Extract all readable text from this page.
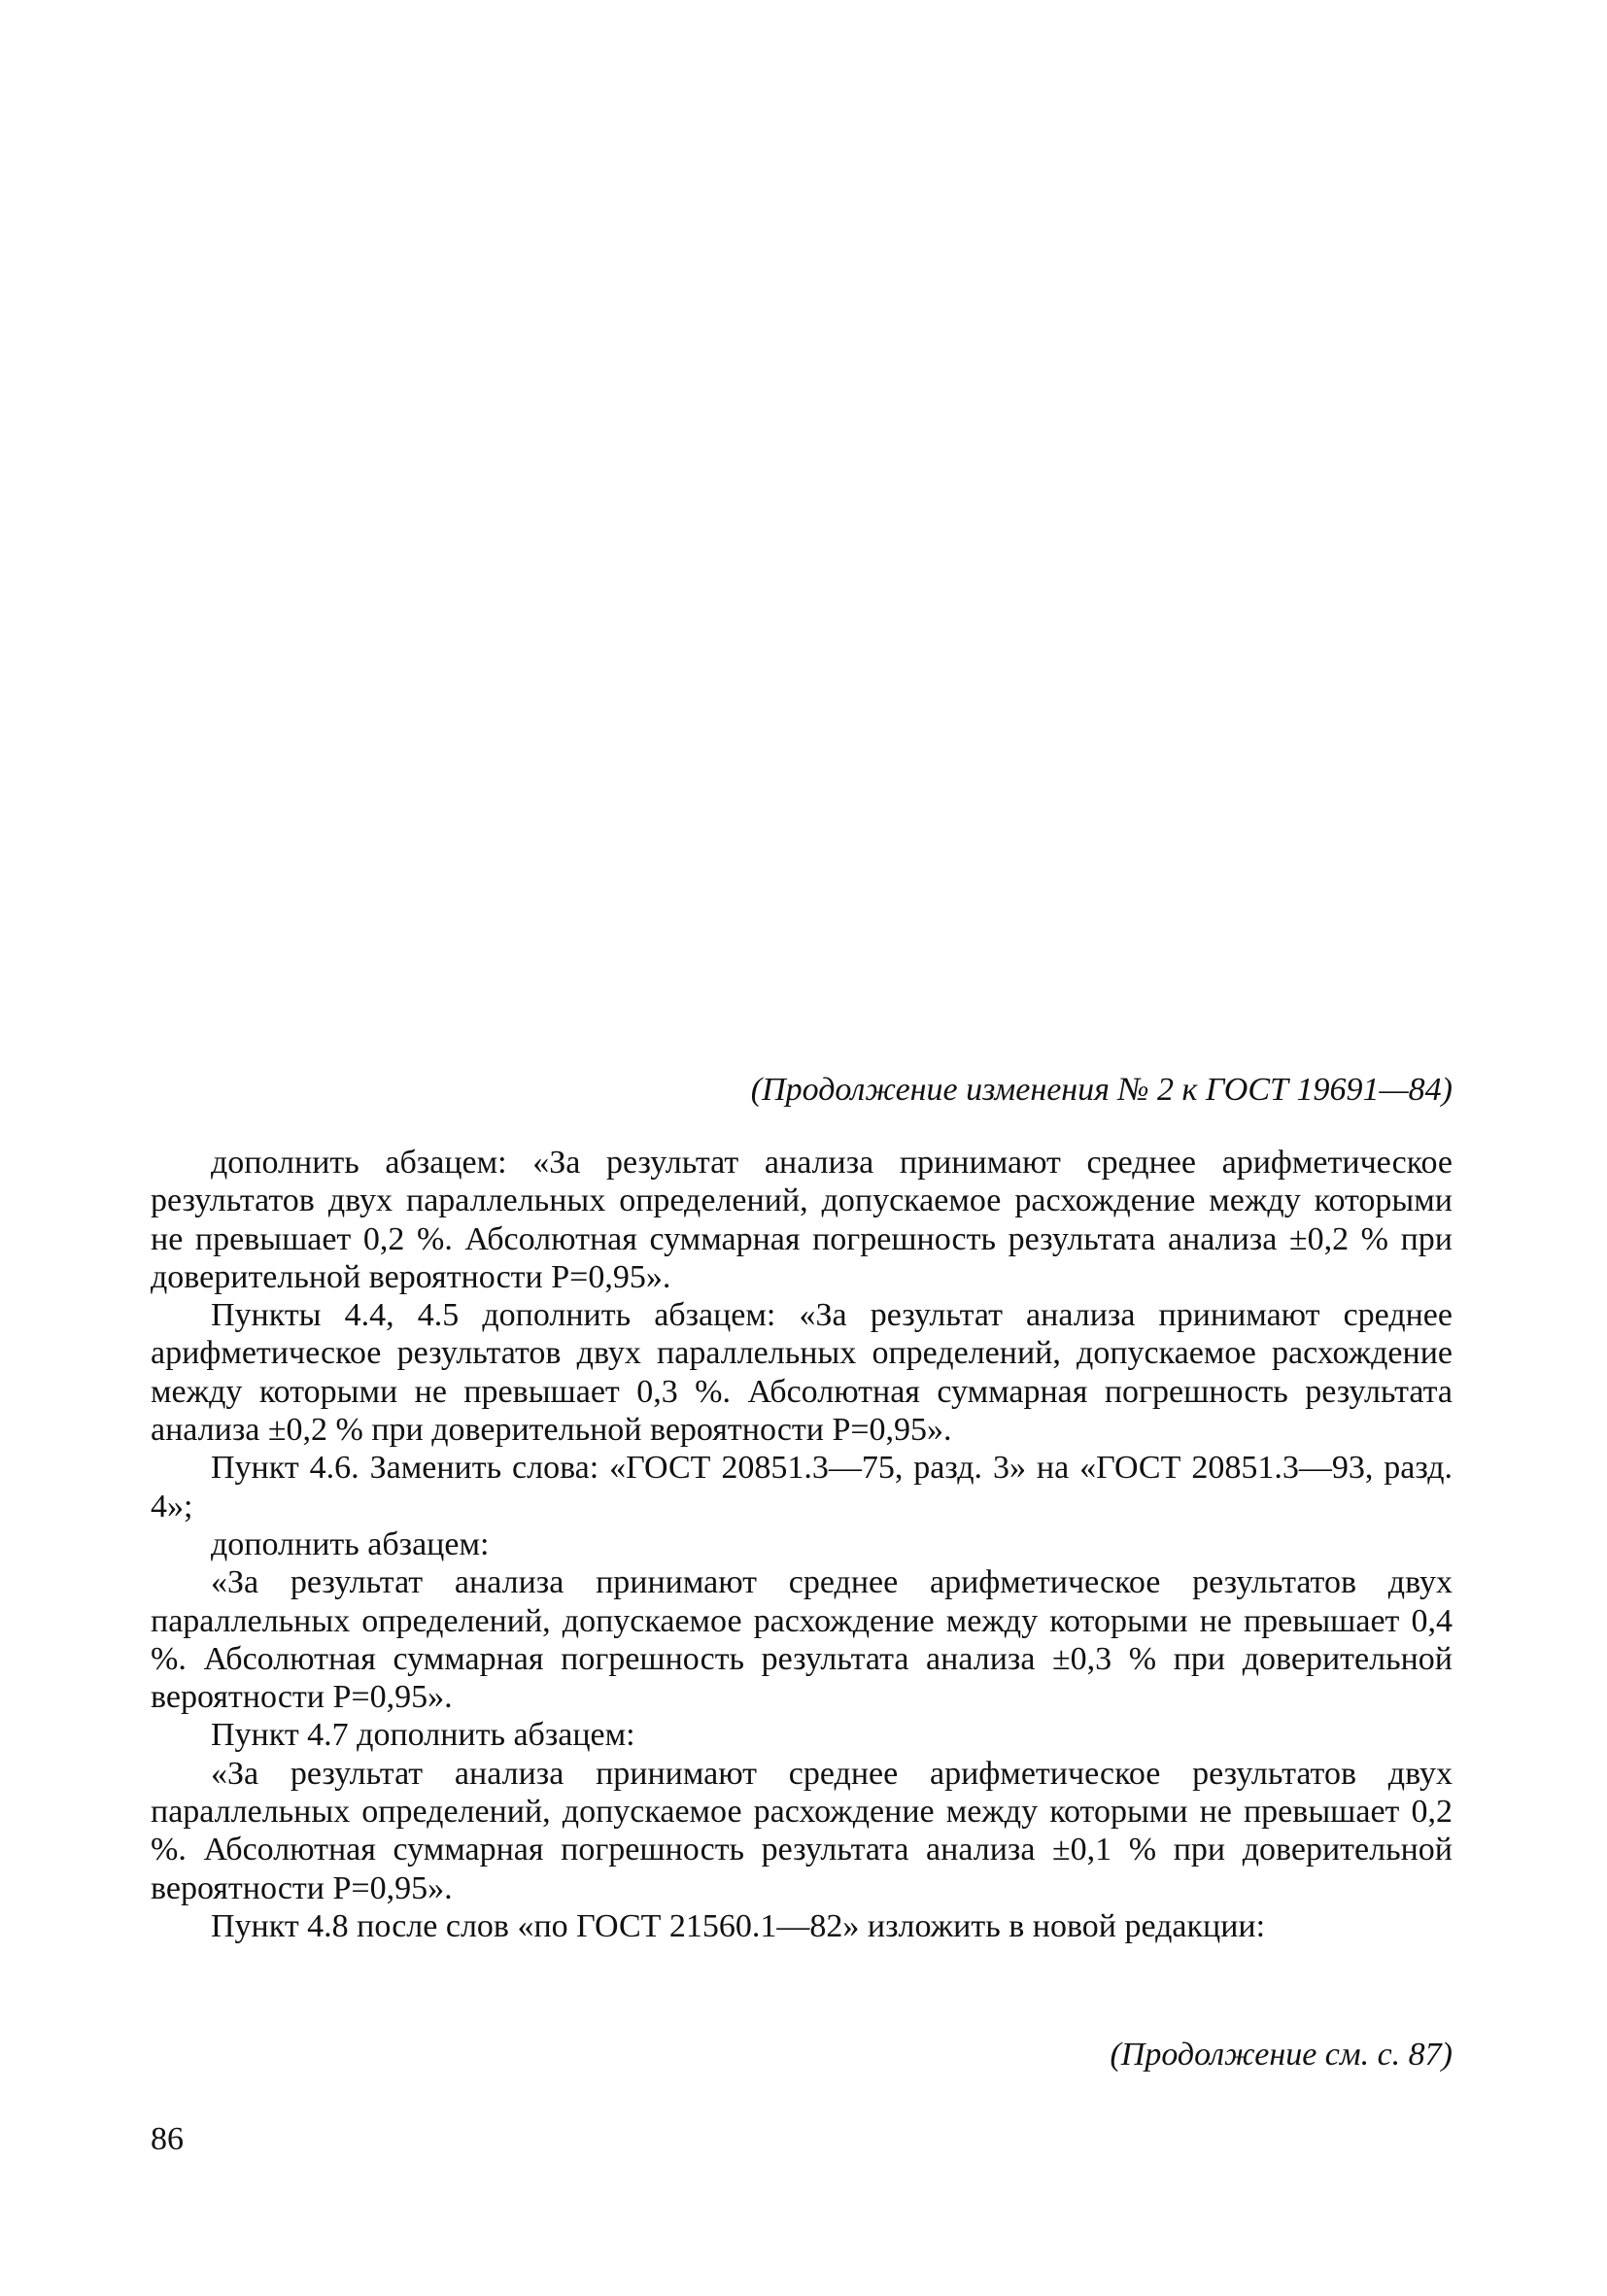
(Продолжение изменения № 2 к ГОСТ 19691—84)

дополнить абзацем: «За результат анализа принимают среднее арифметическое результатов двух параллельных определений, допускаемое расхождение между которыми не превышает 0,2 %. Абсолютная суммарная погрешность результата анализа ±0,2 % при доверительной вероятности Р=0,95».

Пункты 4.4, 4.5 дополнить абзацем: «За результат анализа принимают среднее арифметическое результатов двух параллельных определений, допускаемое расхождение между которыми не превышает 0,3 %. Абсолютная суммарная погрешность результата анализа ±0,2 % при доверительной вероятности Р=0,95».

Пункт 4.6. Заменить слова: «ГОСТ 20851.3—75, разд. 3» на «ГОСТ 20851.3—93, разд. 4»;

дополнить абзацем:

«За результат анализа принимают среднее арифметическое результатов двух параллельных определений, допускаемое расхождение между которыми не превышает 0,4 %. Абсолютная суммарная погрешность результата анализа ±0,3 % при доверительной вероятности Р=0,95».

Пункт 4.7 дополнить абзацем:

«За результат анализа принимают среднее арифметическое результатов двух параллельных определений, допускаемое расхождение между которыми не превышает 0,2 %. Абсолютная суммарная погрешность результата анализа ±0,1 % при доверительной вероятности Р=0,95».

Пункт 4.8 после слов «по ГОСТ 21560.1—82» изложить в новой редакции:

(Продолжение см. с. 87)
86
